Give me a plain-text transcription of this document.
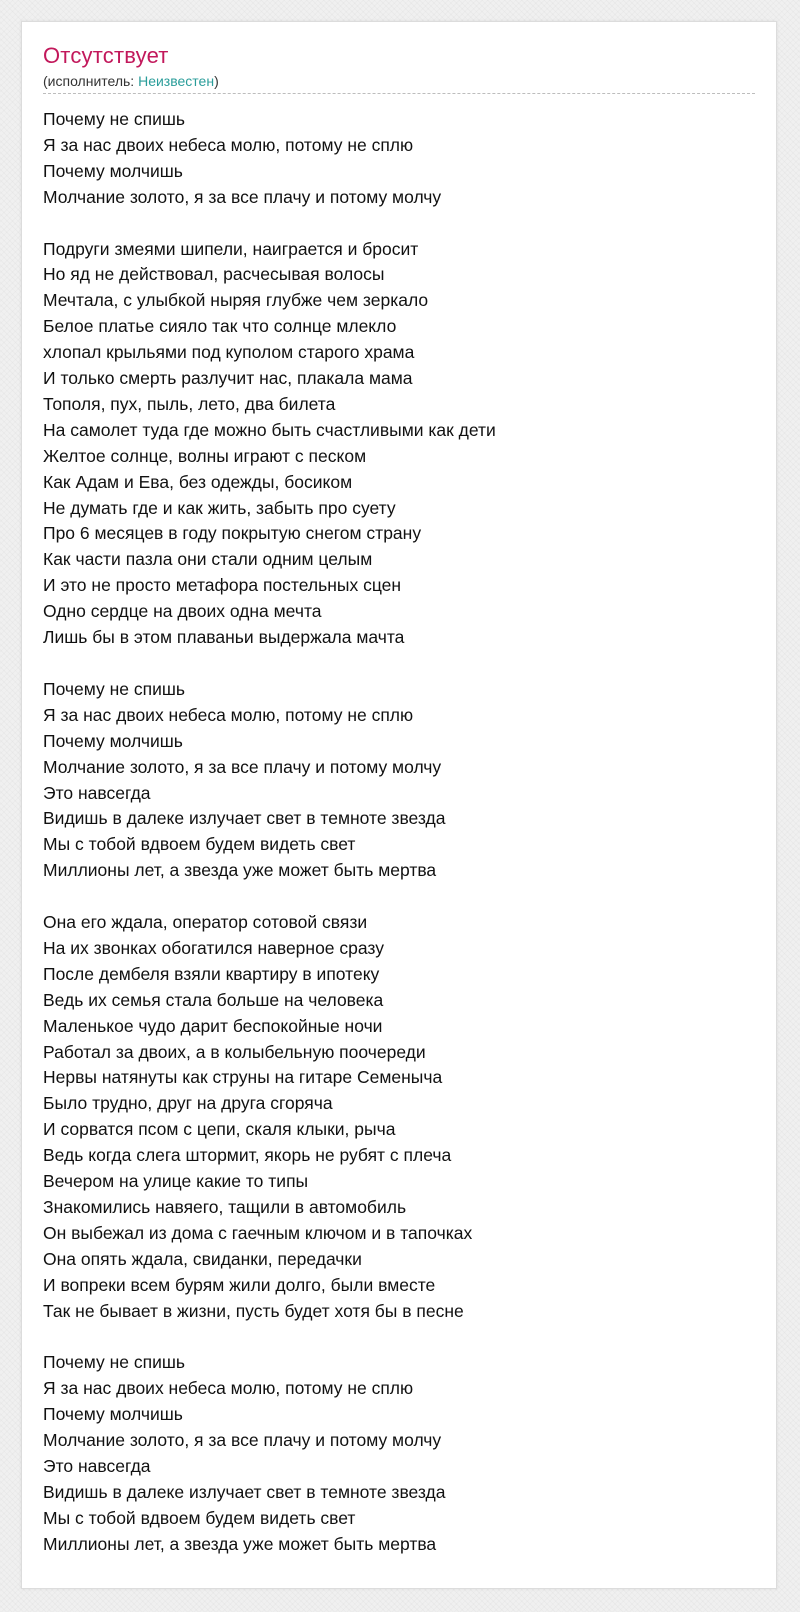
Отсутствует
(исполнитель: Неизвестен)
Почему не спишь
Я за нас двоих небеса молю, потому не сплю
Почему молчишь
Молчание золото, я за все плачу и потому молчу
Подруги змеями шипели, наиграется и бросит
Но яд не действовал, расчесывая волосы
Мечтала, с улыбкой ныряя глубже чем зеркало
Белое платье сияло так что солнце млекло
хлопал крыльями под куполом старого храма
И только смерть разлучит нас, плакала мама
Тополя, пух, пыль, лето, два билета
На самолет туда где можно быть счастливыми как дети
Желтое солнце, волны играют с песком
Как Адам и Ева, без одежды, босиком
Не думать где и как жить, забыть про суету
Про 6 месяцев в году покрытую снегом страну
Как части пазла они стали одним целым
И это не просто метафора постельных сцен
Одно сердце на двоих одна мечта
Лишь бы в этом плаваньи выдержала мачта
Почему не спишь
Я за нас двоих небеса молю, потому не сплю
Почему молчишь
Молчание золото, я за все плачу и потому молчу
Это навсегда
Видишь в далеке излучает свет в темноте звезда
Мы с тобой вдвоем будем видеть свет
Миллионы лет, а звезда уже может быть мертва
Она его ждала, оператор сотовой связи
На их звонках обогатился наверное сразу
После дембеля взяли квартиру в ипотеку
Ведь их семья стала больше на человека
Маленькое чудо дарит беспокойные ночи
Работал за двоих, а в колыбельную поочереди
Нервы натянуты как струны на гитаре Семеныча
Было трудно, друг на друга сгоряча
И сорватся псом с цепи, скаля клыки, рыча
Ведь когда слега штормит, якорь не рубят с плеча
Вечером на улице какие то типы
Знакомились навяего, тащили в автомобиль
Он выбежал из дома с гаечным ключом и в тапочках
Она опять ждала, свиданки, передачки
И вопреки всем бурям жили долго, были вместе
Так не бывает в жизни, пусть будет хотя бы в песне
Почему не спишь
Я за нас двоих небеса молю, потому не сплю
Почему молчишь
Молчание золото, я за все плачу и потому молчу
Это навсегда
Видишь в далеке излучает свет в темноте звезда
Мы с тобой вдвоем будем видеть свет
Миллионы лет, а звезда уже может быть мертва
